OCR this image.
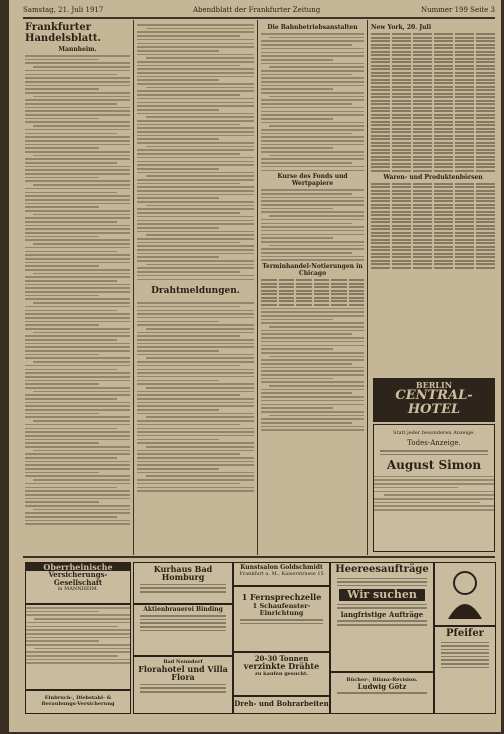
Samstag, 21. Juli 1917	Abendblatt der Frankfurter Zeitung	Nummer 199 Seite 3
Frankfurter Handelsblatt.
Mannheim.
Drahtmeldungen.
Die Bahnbetriebsanstalten
Kurse des Fonds und Wertpapiere
Terminhandel-Notierungen in Chicago
New York, 20. Juli
Waren- und Produktenbörsen
BERLIN
CENTRAL-HOTEL
Statt jeder besonderen Anzeige.
Todes-Anzeige.
August Simon
Oberrheinische
Versicherungs-Gesellschaft
in MANNHEIM.
Einbruch-, Diebstahl- & Beraubungs-Versicherung
Kurhaus Bad Homburg
Aktienbrauerei Binding
Bad Nenndorf
Florahotel und Villa Flora
Kunstsalon Goldschmidt
Frankfurt a. M., Kaiserstrasse 15
1 Fernsprechzelle
1 Schaufenster-Einrichtung
20-30 Tonnen
verzinkte Drähte
zu kaufen gesucht.
Dreh- und Bohrarbeiten
Heereesaufträge
Wir suchen
langfristige Aufträge
Bücher-, Bilanz-Revision.
Ludwig Götz
Pfeifer
